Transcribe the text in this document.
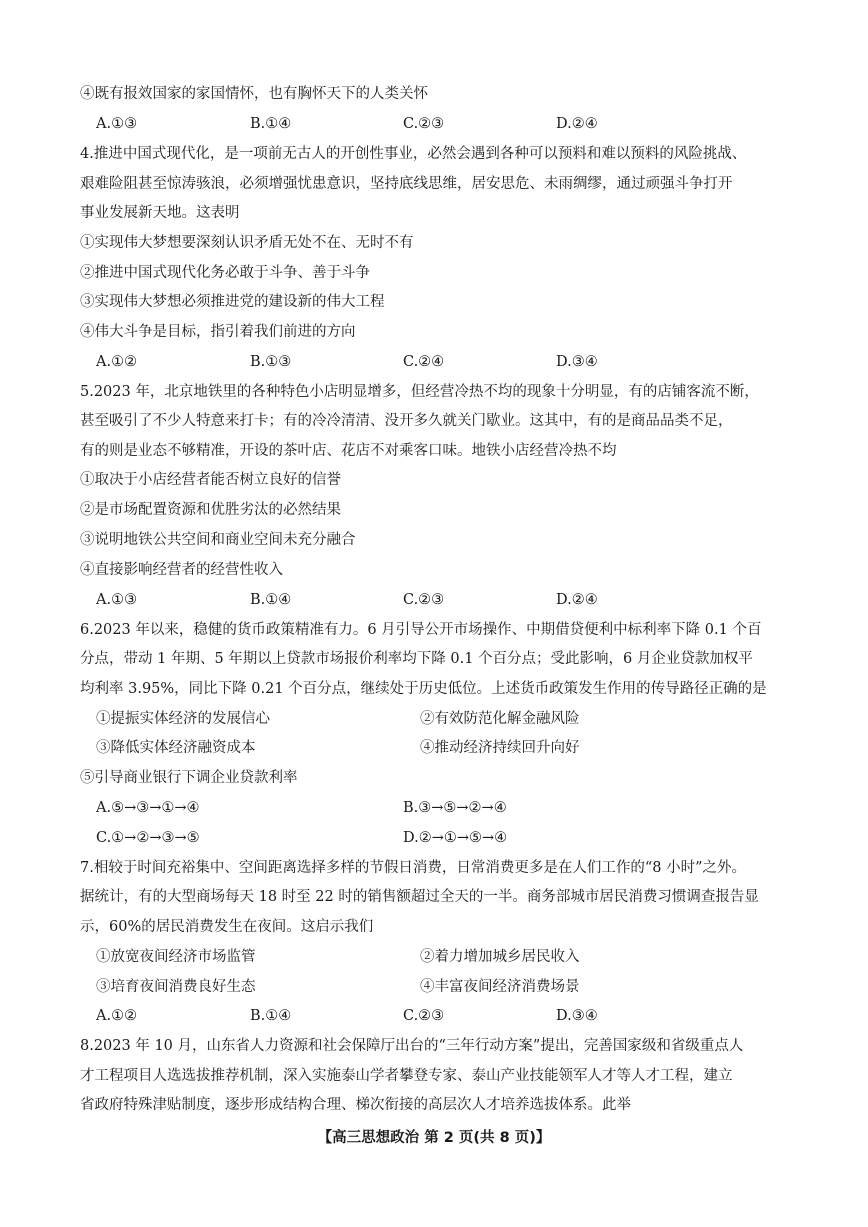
④既有报效国家的家国情怀，也有胸怀天下的人类关怀
A.①③	B.①④	C.②③	D.②④
4.推进中国式现代化，是一项前无古人的开创性事业，必然会遇到各种可以预料和难以预料的风险挑战、
艰难险阻甚至惊涛骇浪，必须增强忧患意识，坚持底线思维，居安思危、未雨绸缪，通过顽强斗争打开
事业发展新天地。这表明
①实现伟大梦想要深刻认识矛盾无处不在、无时不有
②推进中国式现代化务必敢于斗争、善于斗争
③实现伟大梦想必须推进党的建设新的伟大工程
④伟大斗争是目标，指引着我们前进的方向
A.①②	B.①③	C.②④	D.③④
5.2023 年，北京地铁里的各种特色小店明显增多，但经营冷热不均的现象十分明显，有的店铺客流不断，
甚至吸引了不少人特意来打卡；有的冷冷清清、没开多久就关门歇业。这其中，有的是商品品类不足，
有的则是业态不够精准，开设的茶叶店、花店不对乘客口味。地铁小店经营冷热不均
①取决于小店经营者能否树立良好的信誉
②是市场配置资源和优胜劣汰的必然结果
③说明地铁公共空间和商业空间未充分融合
④直接影响经营者的经营性收入
A.①③	B.①④	C.②③	D.②④
6.2023 年以来，稳健的货币政策精准有力。6 月引导公开市场操作、中期借贷便利中标利率下降 0.1 个百
分点，带动 1 年期、5 年期以上贷款市场报价利率均下降 0.1 个百分点；受此影响，6 月企业贷款加权平
均利率 3.95%，同比下降 0.21 个百分点，继续处于历史低位。上述货币政策发生作用的传导路径正确的是
①提振实体经济的发展信心	②有效防范化解金融风险
③降低实体经济融资成本	④推动经济持续回升向好
⑤引导商业银行下调企业贷款利率
A.⑤→③→①→④	B.③→⑤→②→④
C.①→②→③→⑤	D.②→①→⑤→④
7.相较于时间充裕集中、空间距离选择多样的节假日消费，日常消费更多是在人们工作的“8 小时”之外。
据统计，有的大型商场每天 18 时至 22 时的销售额超过全天的一半。商务部城市居民消费习惯调查报告显
示，60%的居民消费发生在夜间。这启示我们
①放宽夜间经济市场监管	②着力增加城乡居民收入
③培育夜间消费良好生态	④丰富夜间经济消费场景
A.①②	B.①④	C.②③	D.③④
8.2023 年 10 月，山东省人力资源和社会保障厅出台的“三年行动方案”提出，完善国家级和省级重点人
才工程项目人选选拔推荐机制，深入实施泰山学者攀登专家、泰山产业技能领军人才等人才工程，建立
省政府特殊津贴制度，逐步形成结构合理、梯次衔接的高层次人才培养选拔体系。此举
【高三思想政治 第 2 页(共 8 页)】
